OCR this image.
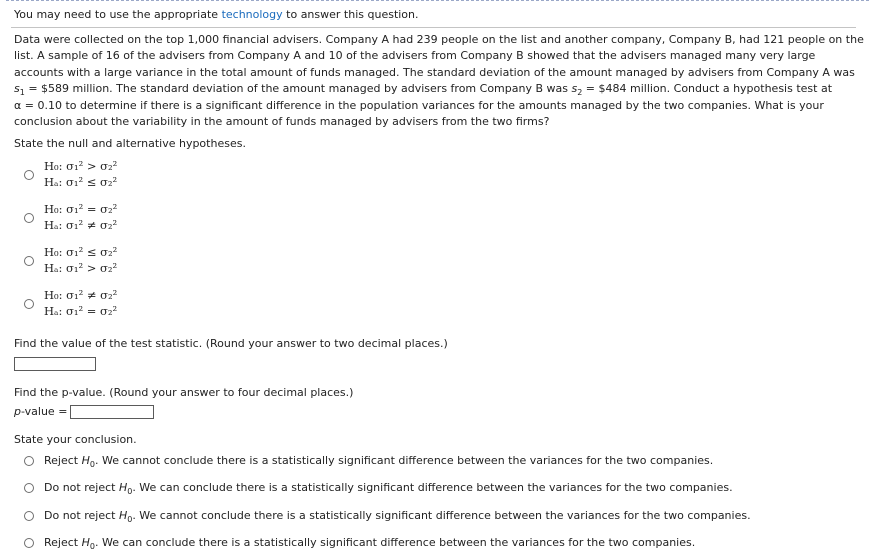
You may need to use the appropriate technology to answer this question.

Data were collected on the top 1,000 financial advisers. Company A had 239 people on the list and another company, Company B, had 121 people on the list. A sample of 16 of the advisers from Company A and 10 of the advisers from Company B showed that the advisers managed many very large accounts with a large variance in the total amount of funds managed. The standard deviation of the amount managed by advisers from Company A was
$s_1$ = $589 million. The standard deviation of the amount managed by advisers from Company B was $s_2$ = $484 million. Conduct a hypothesis test at
α = 0.10 to determine if there is a significant difference in the population variances for the amounts managed by the two companies. What is your conclusion about the variability in the amount of funds managed by advisers from the two firms?

State the null and alternative hypotheses.
H₀: σ₁² > σ₂²
Hₐ: σ₁² ≤ σ₂²
H₀: σ₁² = σ₂²
Hₐ: σ₁² ≠ σ₂²
H₀: σ₁² ≤ σ₂²
Hₐ: σ₁² > σ₂²
H₀: σ₁² ≠ σ₂²
Hₐ: σ₁² = σ₂²
Find the value of the test statistic. (Round your answer to two decimal places.)
Find the p-value. (Round your answer to four decimal places.)
p-value =
State your conclusion.
Reject $H_0$. We cannot conclude there is a statistically significant difference between the variances for the two companies.
Do not reject $H_0$. We can conclude there is a statistically significant difference between the variances for the two companies.
Do not reject $H_0$. We cannot conclude there is a statistically significant difference between the variances for the two companies.
Reject $H_0$. We can conclude there is a statistically significant difference between the variances for the two companies.
